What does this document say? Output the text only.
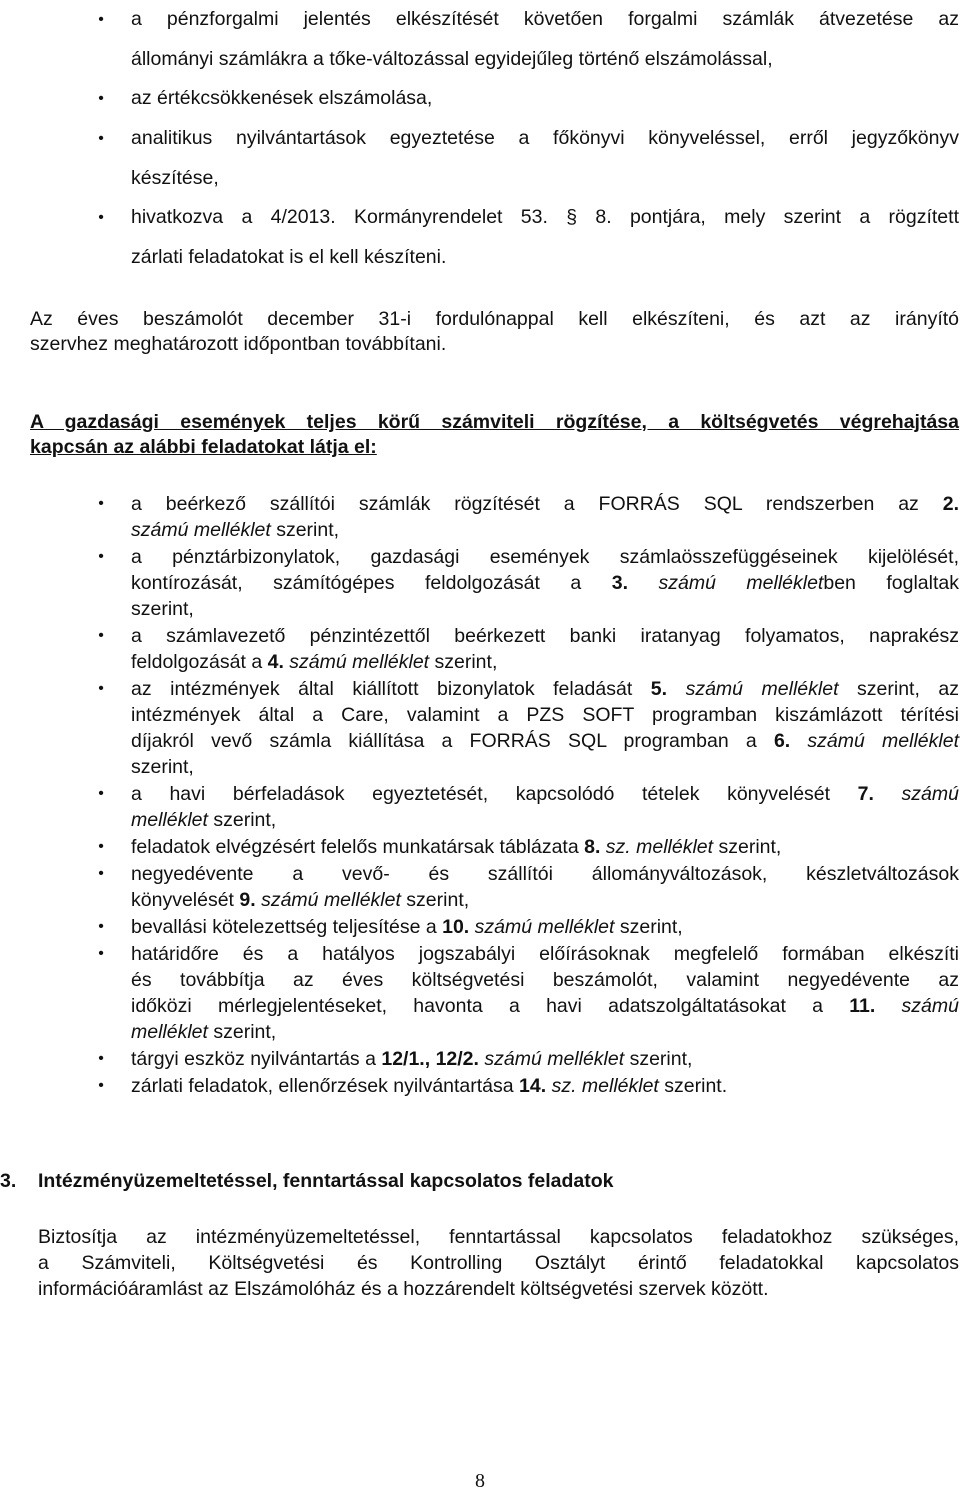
• a pénzforgalmi jelentés elkészítését követően forgalmi számlák átvezetése az
állományi számlákra a tőke-változással egyidejűleg történő elszámolással,
• az értékcsökkenések elszámolása,
• analitikus nyilvántartások egyeztetése a főkönyvi könyveléssel, erről jegyzőkönyv
készítése,
• hivatkozva a 4/2013. Kormányrendelet 53. § 8. pontjára, mely szerint a rögzített
zárlati feladatokat is el kell készíteni.
Az éves beszámolót december 31-i fordulónappal kell elkészíteni, és azt az irányító
szervhez meghatározott időpontban továbbítani.
A gazdasági események teljes körű számviteli rögzítése, a költségvetés végrehajtása
kapcsán az alábbi feladatokat látja el:
• a beérkező szállítói számlák rögzítését a FORRÁS SQL rendszerben az 2.
számú melléklet szerint,
• a pénztárbizonylatok, gazdasági események számlaösszefüggéseinek kijelölését,
kontírozását, számítógépes feldolgozását a 3. számú mellékletben foglaltak
szerint,
• a számlavezető pénzintézettől beérkezett banki iratanyag folyamatos, naprakész
feldolgozását a 4. számú melléklet szerint,
• az intézmények által kiállított bizonylatok feladását 5. számú melléklet szerint, az
intézmények által a Care, valamint a PZS SOFT programban kiszámlázott térítési
díjakról vevő számla kiállítása a FORRÁS SQL programban a 6. számú melléklet
szerint,
• a havi bérfeladások egyeztetését, kapcsolódó tételek könyvelését 7. számú
melléklet szerint,
• feladatok elvégzésért felelős munkatársak táblázata 8. sz. melléklet szerint,
• negyedévente a vevő- és szállítói állományváltozások, készletváltozások
könyvelését 9. számú melléklet szerint,
• bevallási kötelezettség teljesítése a 10. számú melléklet szerint,
• határidőre és a hatályos jogszabályi előírásoknak megfelelő formában elkészíti
és továbbítja az éves költségvetési beszámolót, valamint negyedévente az
időközi mérlegjelentéseket, havonta a havi adatszolgáltatásokat a 11. számú
melléklet szerint,
• tárgyi eszköz nyilvántartás a 12/1., 12/2. számú melléklet szerint,
• zárlati feladatok, ellenőrzések nyilvántartása 14. sz. melléklet szerint.
3. Intézményüzemeltetéssel, fenntartással kapcsolatos feladatok
Biztosítja az intézményüzemeltetéssel, fenntartással kapcsolatos feladatokhoz szükséges,
a Számviteli, Költségvetési és Kontrolling Osztályt érintő feladatokkal kapcsolatos
információáramlást az Elszámolóház és a hozzárendelt költségvetési szervek között.
8
